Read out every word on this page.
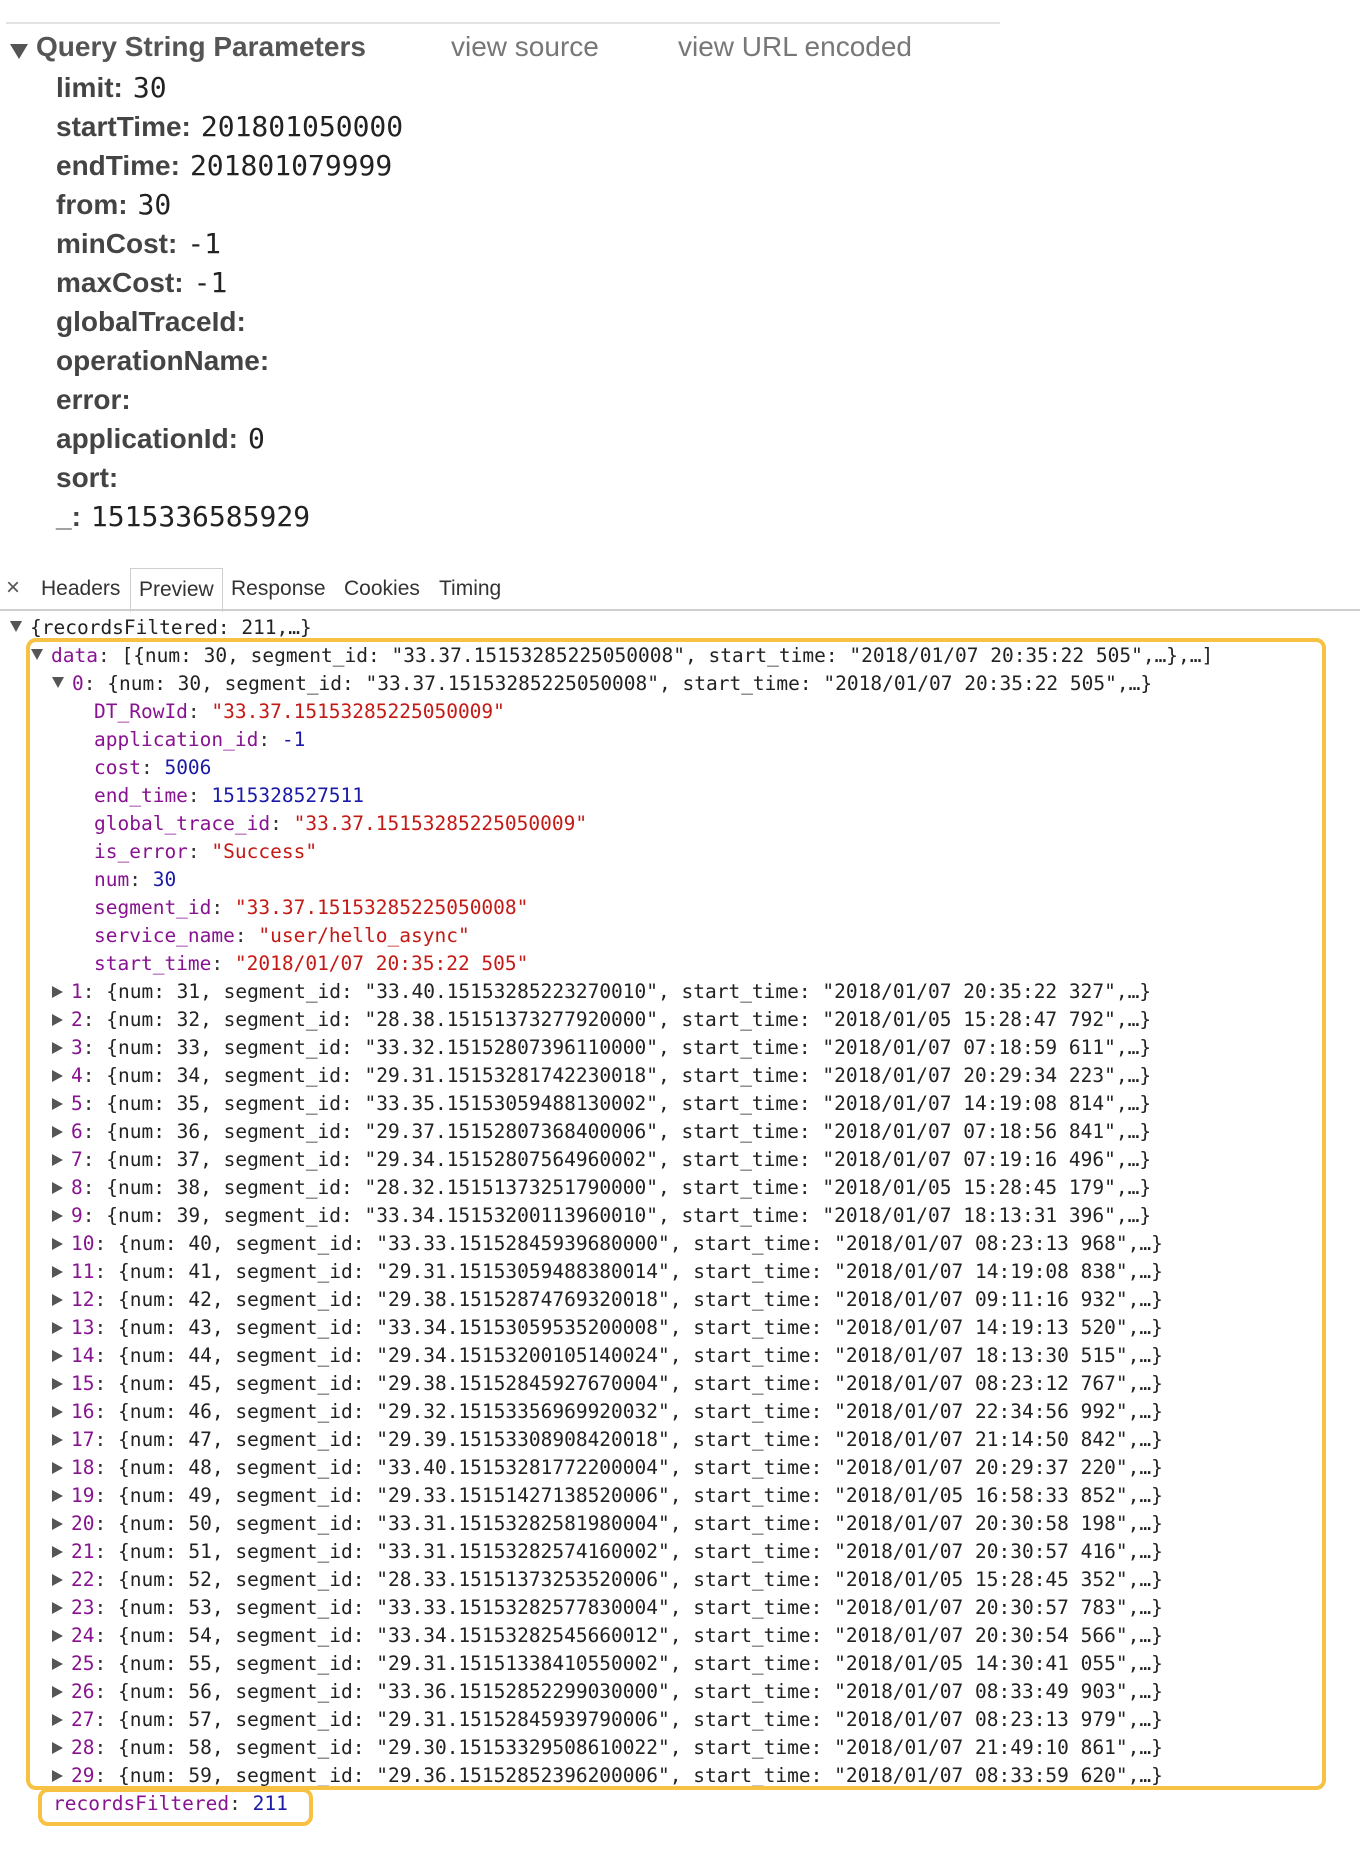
Query String Parameters	view source	view URL encoded
limit: 30
startTime: 201801050000
endTime: 201801079999
from: 30
minCost: -1
maxCost: -1
globalTraceId:
operationName:
error:
applicationId: 0
sort:
_: 1515336585929
× Headers Preview Response Cookies Timing
{recordsFiltered: 211,…}
data: [{num: 30, segment_id: "33.37.15153285225050008", start_time: "2018/01/07 20:35:22 505",…},…]
0: {num: 30, segment_id: "33.37.15153285225050008", start_time: "2018/01/07 20:35:22 505",…}
DT_RowId: "33.37.15153285225050009"
application_id: -1
cost: 5006
end_time: 1515328527511
global_trace_id: "33.37.15153285225050009"
is_error: "Success"
num: 30
segment_id: "33.37.15153285225050008"
service_name: "user/hello_async"
start_time: "2018/01/07 20:35:22 505"
1: {num: 31, segment_id: "33.40.15153285223270010", start_time: "2018/01/07 20:35:22 327",…}
2: {num: 32, segment_id: "28.38.15151373277920000", start_time: "2018/01/05 15:28:47 792",…}
3: {num: 33, segment_id: "33.32.15152807396110000", start_time: "2018/01/07 07:18:59 611",…}
4: {num: 34, segment_id: "29.31.15153281742230018", start_time: "2018/01/07 20:29:34 223",…}
5: {num: 35, segment_id: "33.35.15153059488130002", start_time: "2018/01/07 14:19:08 814",…}
6: {num: 36, segment_id: "29.37.15152807368400006", start_time: "2018/01/07 07:18:56 841",…}
7: {num: 37, segment_id: "29.34.15152807564960002", start_time: "2018/01/07 07:19:16 496",…}
8: {num: 38, segment_id: "28.32.15151373251790000", start_time: "2018/01/05 15:28:45 179",…}
9: {num: 39, segment_id: "33.34.15153200113960010", start_time: "2018/01/07 18:13:31 396",…}
10: {num: 40, segment_id: "33.33.15152845939680000", start_time: "2018/01/07 08:23:13 968",…}
11: {num: 41, segment_id: "29.31.15153059488380014", start_time: "2018/01/07 14:19:08 838",…}
12: {num: 42, segment_id: "29.38.15152874769320018", start_time: "2018/01/07 09:11:16 932",…}
13: {num: 43, segment_id: "33.34.15153059535200008", start_time: "2018/01/07 14:19:13 520",…}
14: {num: 44, segment_id: "29.34.15153200105140024", start_time: "2018/01/07 18:13:30 515",…}
15: {num: 45, segment_id: "29.38.15152845927670004", start_time: "2018/01/07 08:23:12 767",…}
16: {num: 46, segment_id: "29.32.15153356969920032", start_time: "2018/01/07 22:34:56 992",…}
17: {num: 47, segment_id: "29.39.15153308908420018", start_time: "2018/01/07 21:14:50 842",…}
18: {num: 48, segment_id: "33.40.15153281772200004", start_time: "2018/01/07 20:29:37 220",…}
19: {num: 49, segment_id: "29.33.15151427138520006", start_time: "2018/01/05 16:58:33 852",…}
20: {num: 50, segment_id: "33.31.15153282581980004", start_time: "2018/01/07 20:30:58 198",…}
21: {num: 51, segment_id: "33.31.15153282574160002", start_time: "2018/01/07 20:30:57 416",…}
22: {num: 52, segment_id: "28.33.15151373253520006", start_time: "2018/01/05 15:28:45 352",…}
23: {num: 53, segment_id: "33.33.15153282577830004", start_time: "2018/01/07 20:30:57 783",…}
24: {num: 54, segment_id: "33.34.15153282545660012", start_time: "2018/01/07 20:30:54 566",…}
25: {num: 55, segment_id: "29.31.15151338410550002", start_time: "2018/01/05 14:30:41 055",…}
26: {num: 56, segment_id: "33.36.15152852299030000", start_time: "2018/01/07 08:33:49 903",…}
27: {num: 57, segment_id: "29.31.15152845939790006", start_time: "2018/01/07 08:23:13 979",…}
28: {num: 58, segment_id: "29.30.15153329508610022", start_time: "2018/01/07 21:49:10 861",…}
29: {num: 59, segment_id: "29.36.15152852396200006", start_time: "2018/01/07 08:33:59 620",…}
recordsFiltered: 211
